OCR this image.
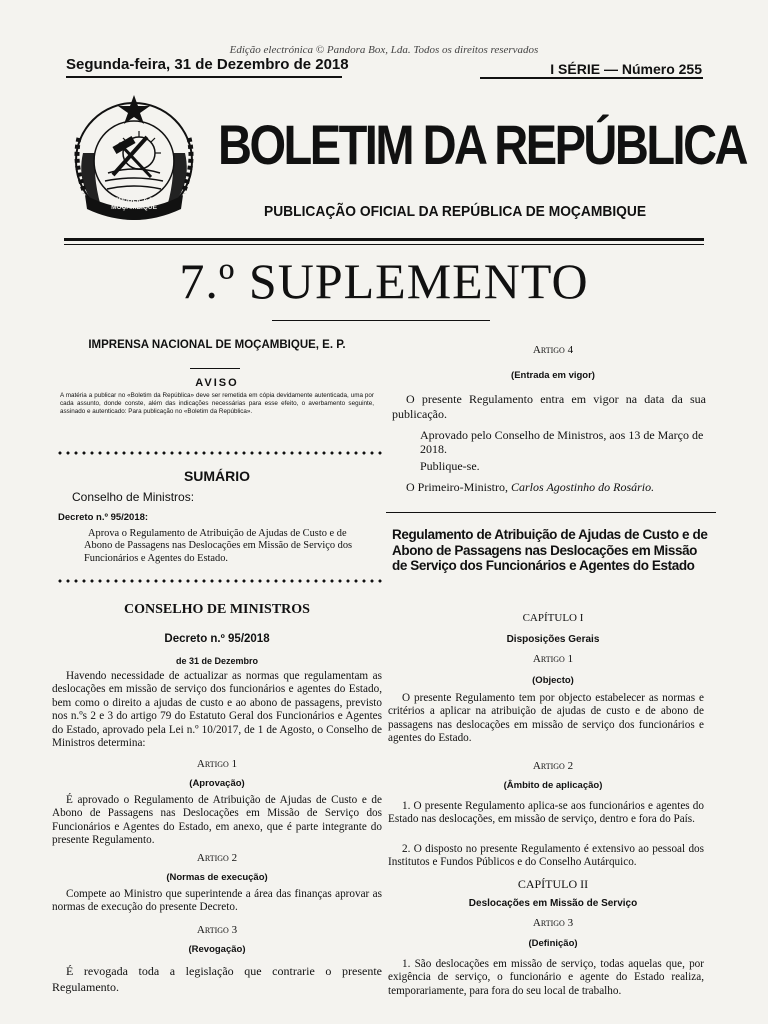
Edição electrónica © Pandora Box, Lda. Todos os direitos reservados
Segunda-feira, 31 de Dezembro de 2018	I SÉRIE — Número 255
REPÚBLICA DE MOÇAMBIQUE
BOLETIM DA REPÚBLICA
PUBLICAÇÃO OFICIAL DA REPÚBLICA DE MOÇAMBIQUE
7.º SUPLEMENTO
IMPRENSA NACIONAL DE MOÇAMBIQUE, E. P.
AVISO
A matéria a publicar no «Boletim da República» deve ser remetida em cópia devidamente autenticada, uma por cada assunto, donde conste, além das indicações necessárias para esse efeito, o averbamento seguinte, assinado e autenticado: Para publicação no «Boletim da República».
SUMÁRIO
Conselho de Ministros:
Decreto n.º 95/2018:
Aprova o Regulamento de Atribuição de Ajudas de Custo e de Abono de Passagens nas Deslocações em Missão de Serviço dos Funcionários e Agentes do Estado.
CONSELHO DE MINISTROS
Decreto n.º 95/2018
de 31 de Dezembro
Havendo necessidade de actualizar as normas que regulamentam as deslocações em missão de serviço dos funcionários e agentes do Estado, bem como o direito a ajudas de custo e ao abono de passagens, previsto nos n.ºs 2 e 3 do artigo 79 do Estatuto Geral dos Funcionários e Agentes do Estado, aprovado pela Lei n.º 10/2017, de 1 de Agosto, o Conselho de Ministros determina:
Artigo 1
(Aprovação)
É aprovado o Regulamento de Atribuição de Ajudas de Custo e de Abono de Passagens nas Deslocações em Missão de Serviço dos Funcionários e Agentes do Estado, em anexo, que é parte integrante do presente Regulamento.
Artigo 2
(Normas de execução)
Compete ao Ministro que superintende a área das finanças aprovar as normas de execução do presente Decreto.
Artigo 3
(Revogação)
É revogada toda a legislação que contrarie o presente Regulamento.
Artigo 4
(Entrada em vigor)
O presente Regulamento entra em vigor na data da sua publicação.
Aprovado pelo Conselho de Ministros, aos 13 de Março de 2018.
Publique-se.
O Primeiro-Ministro, Carlos Agostinho do Rosário.
Regulamento de Atribuição de Ajudas de Custo e de Abono de Passagens nas Deslocações em Missão de Serviço dos Funcionários e Agentes do Estado
CAPÍTULO I
Disposições Gerais
Artigo 1
(Objecto)
O presente Regulamento tem por objecto estabelecer as normas e critérios a aplicar na atribuição de ajudas de custo e de abono de passagens nas deslocações em missão de serviço dos funcionários e agentes do Estado.
Artigo 2
(Âmbito de aplicação)
1. O presente Regulamento aplica-se aos funcionários e agentes do Estado nas deslocações, em missão de serviço, dentro e fora do País.
2. O disposto no presente Regulamento é extensivo ao pessoal dos Institutos e Fundos Públicos e do Conselho Autárquico.
CAPÍTULO II
Deslocações em Missão de Serviço
Artigo 3
(Definição)
1. São deslocações em missão de serviço, todas aquelas que, por exigência de serviço, o funcionário e agente do Estado realiza, temporariamente, para fora do seu local de trabalho.
